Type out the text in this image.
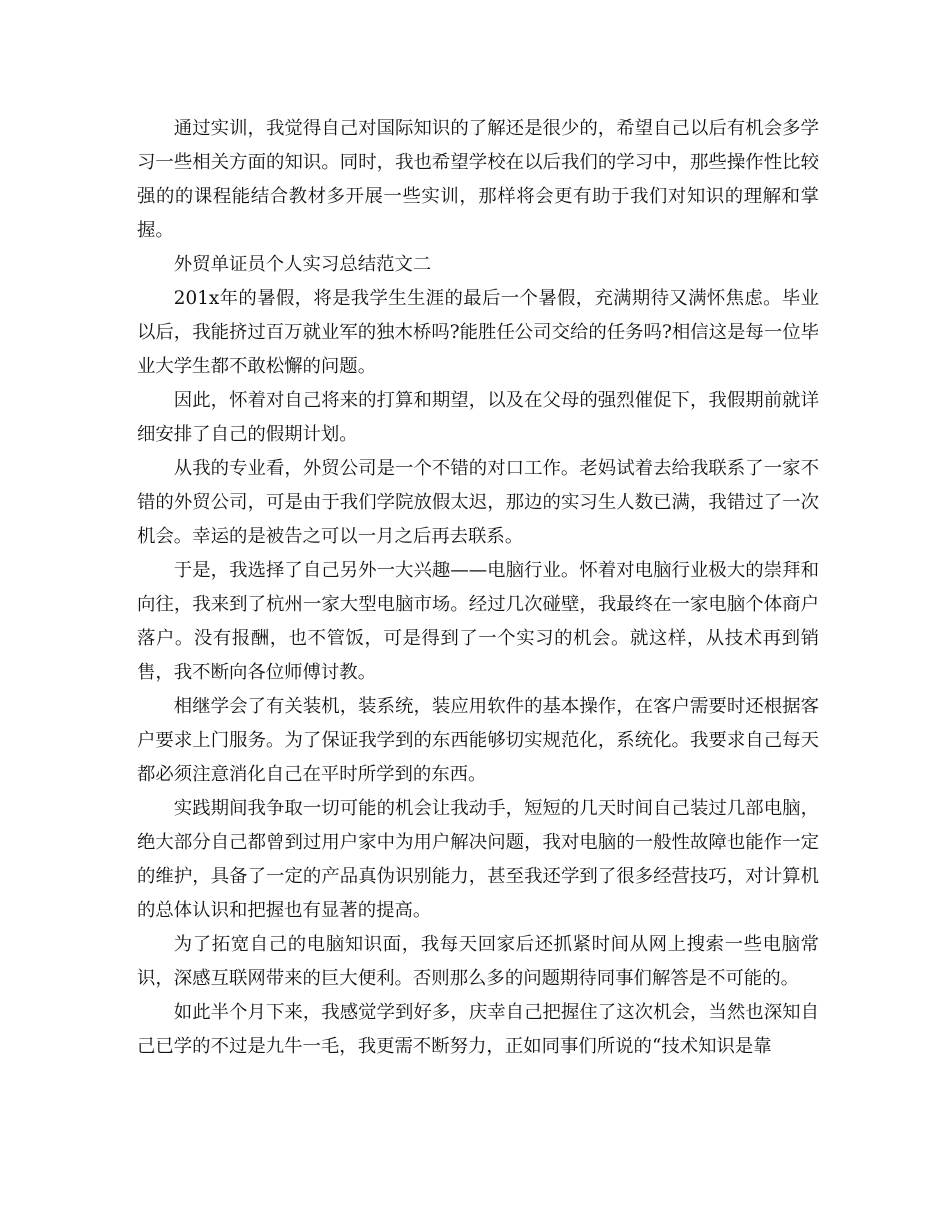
通过实训，我觉得自己对国际知识的了解还是很少的，希望自己以后有机会多学习一些相关方面的知识。同时，我也希望学校在以后我们的学习中，那些操作性比较强的的课程能结合教材多开展一些实训，那样将会更有助于我们对知识的理解和掌握。

外贸单证员个人实习总结范文二

201x年的暑假，将是我学生生涯的最后一个暑假，充满期待又满怀焦虑。毕业以后，我能挤过百万就业军的独木桥吗?能胜任公司交给的任务吗?相信这是每一位毕业大学生都不敢松懈的问题。

因此，怀着对自己将来的打算和期望，以及在父母的强烈催促下，我假期前就详细安排了自己的假期计划。

从我的专业看，外贸公司是一个不错的对口工作。老妈试着去给我联系了一家不错的外贸公司，可是由于我们学院放假太迟，那边的实习生人数已满，我错过了一次机会。幸运的是被告之可以一月之后再去联系。

于是，我选择了自己另外一大兴趣——电脑行业。怀着对电脑行业极大的崇拜和向往，我来到了杭州一家大型电脑市场。经过几次碰壁，我最终在一家电脑个体商户落户。没有报酬，也不管饭，可是得到了一个实习的机会。就这样，从技术再到销售，我不断向各位师傅讨教。

相继学会了有关装机，装系统，装应用软件的基本操作，在客户需要时还根据客户要求上门服务。为了保证我学到的东西能够切实规范化，系统化。我要求自己每天都必须注意消化自己在平时所学到的东西。

实践期间我争取一切可能的机会让我动手，短短的几天时间自己装过几部电脑，绝大部分自己都曾到过用户家中为用户解决问题，我对电脑的一般性故障也能作一定的维护，具备了一定的产品真伪识别能力，甚至我还学到了很多经营技巧，对计算机的总体认识和把握也有显著的提高。

为了拓宽自己的电脑知识面，我每天回家后还抓紧时间从网上搜索一些电脑常识，深感互联网带来的巨大便利。否则那么多的问题期待同事们解答是不可能的。

如此半个月下来，我感觉学到好多，庆幸自己把握住了这次机会，当然也深知自己已学的不过是九牛一毛，我更需不断努力，正如同事们所说的“技术知识是靠
